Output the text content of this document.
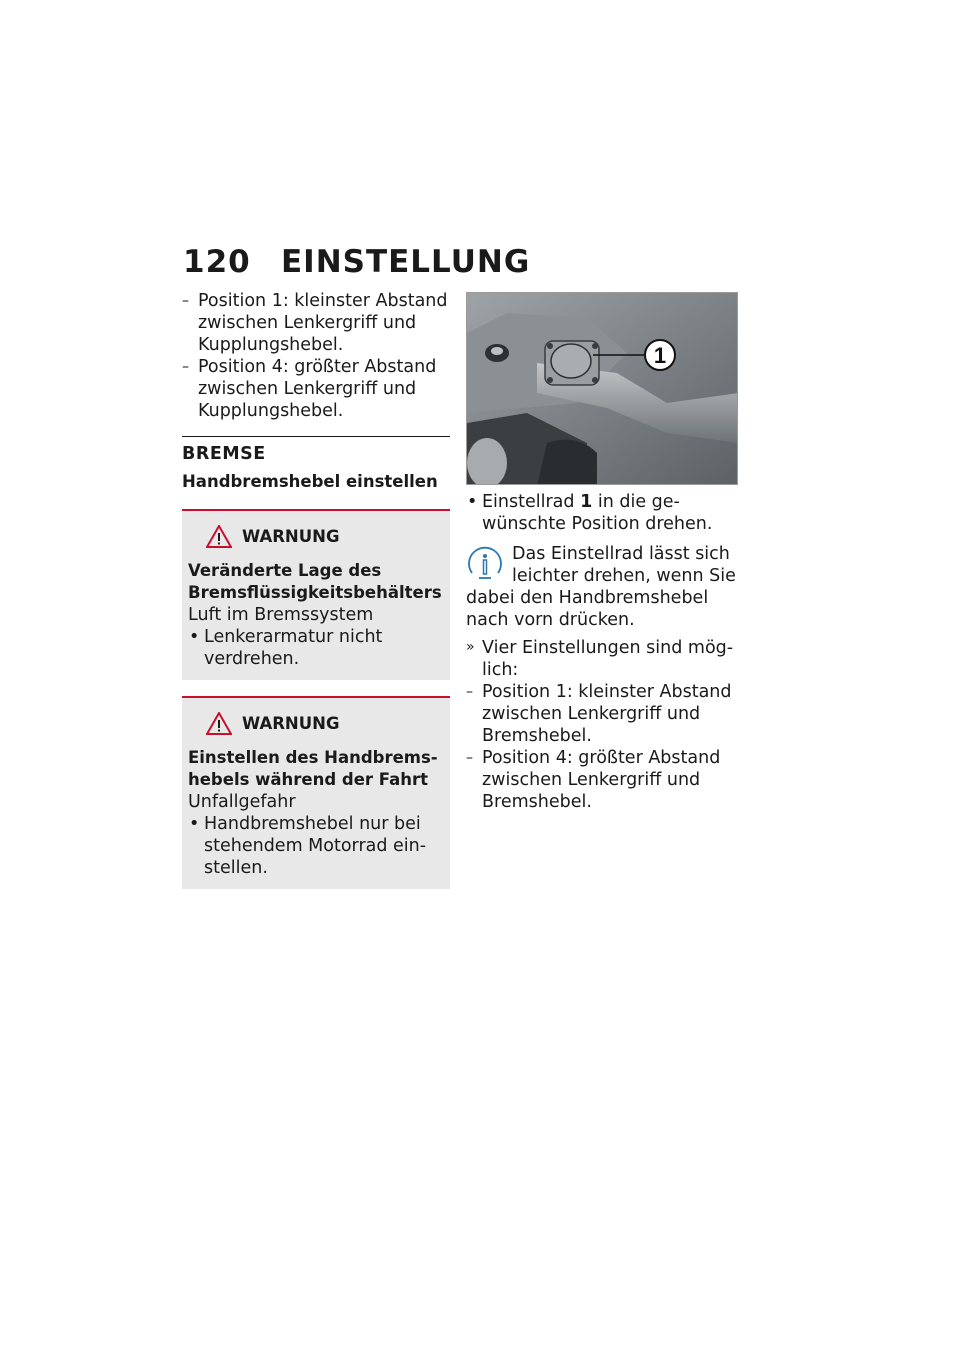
120 EINSTELLUNG
– Position 1: kleinster Abstand zwischen Lenkergriff und Kupplungshebel.
– Position 4: größter Abstand zwischen Lenkergriff und Kupplungshebel.
BREMSE
Handbremshebel einstellen
WARNUNG
Veränderte Lage des Bremsflüssigkeitsbehälters
Luft im Bremssystem
• Lenkerarmatur nicht verdrehen.
WARNUNG
Einstellen des Handbremshebels während der Fahrt
Unfallgefahr
• Handbremshebel nur bei stehendem Motorrad einstellen.
1
• Einstellrad 1 in die gewünschte Position drehen.
Das Einstellrad lässt sich leichter drehen, wenn Sie
dabei den Handbremshebel nach vorn drücken.
» Vier Einstellungen sind möglich:
– Position 1: kleinster Abstand zwischen Lenkergriff und Bremshebel.
– Position 4: größter Abstand zwischen Lenkergriff und Bremshebel.
